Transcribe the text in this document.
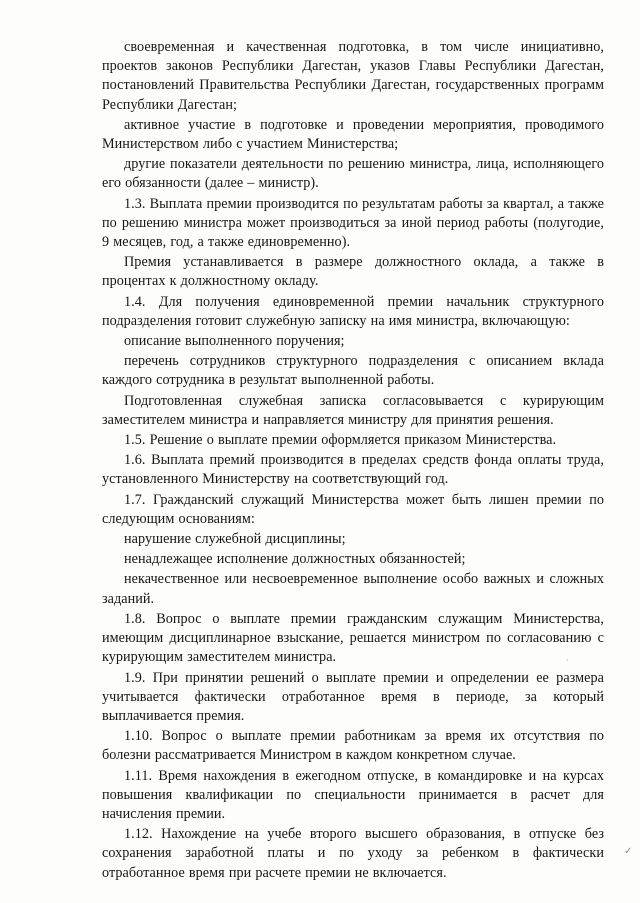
своевременная и качественная подготовка, в том числе инициативно, проектов законов Республики Дагестан, указов Главы Республики Дагестан, постановлений Правительства Республики Дагестан, государственных программ Республики Дагестан;

активное участие в подготовке и проведении мероприятия, проводимого Министерством либо с участием Министерства;

другие показатели деятельности по решению министра, лица, исполняющего его обязанности (далее – министр).

1.3. Выплата премии производится по результатам работы за квартал, а также по решению министра может производиться за иной период работы (полугодие, 9 месяцев, год, а также единовременно).

Премия устанавливается в размере должностного оклада, а также в процентах к должностному окладу.

1.4. Для получения единовременной премии начальник структурного подразделения готовит служебную записку на имя министра, включающую:

описание выполненного поручения;

перечень сотрудников структурного подразделения с описанием вклада каждого сотрудника в результат выполненной работы.

Подготовленная служебная записка согласовывается с курирующим заместителем министра и направляется министру для принятия решения.

1.5. Решение о выплате премии оформляется приказом Министерства.

1.6. Выплата премий производится в пределах средств фонда оплаты труда, установленного Министерству на соответствующий год.

1.7. Гражданский служащий Министерства может быть лишен премии по следующим основаниям:

нарушение служебной дисциплины;

ненадлежащее исполнение должностных обязанностей;

некачественное или несвоевременное выполнение особо важных и сложных заданий.

1.8. Вопрос о выплате премии гражданским служащим Министерства, имеющим дисциплинарное взыскание, решается министром по согласованию с курирующим заместителем министра.

1.9. При принятии решений о выплате премии и определении ее размера учитывается фактически отработанное время в периоде, за который выплачивается премия.

1.10. Вопрос о выплате премии работникам за время их отсутствия по болезни рассматривается Министром в каждом конкретном случае.

1.11. Время нахождения в ежегодном отпуске, в командировке и на курсах повышения квалификации по специальности принимается в расчет для начисления премии.

1.12. Нахождение на учебе второго высшего образования, в отпуске без сохранения заработной платы и по уходу за ребенком в фактически отработанное время при расчете премии не включается.

·
✓
